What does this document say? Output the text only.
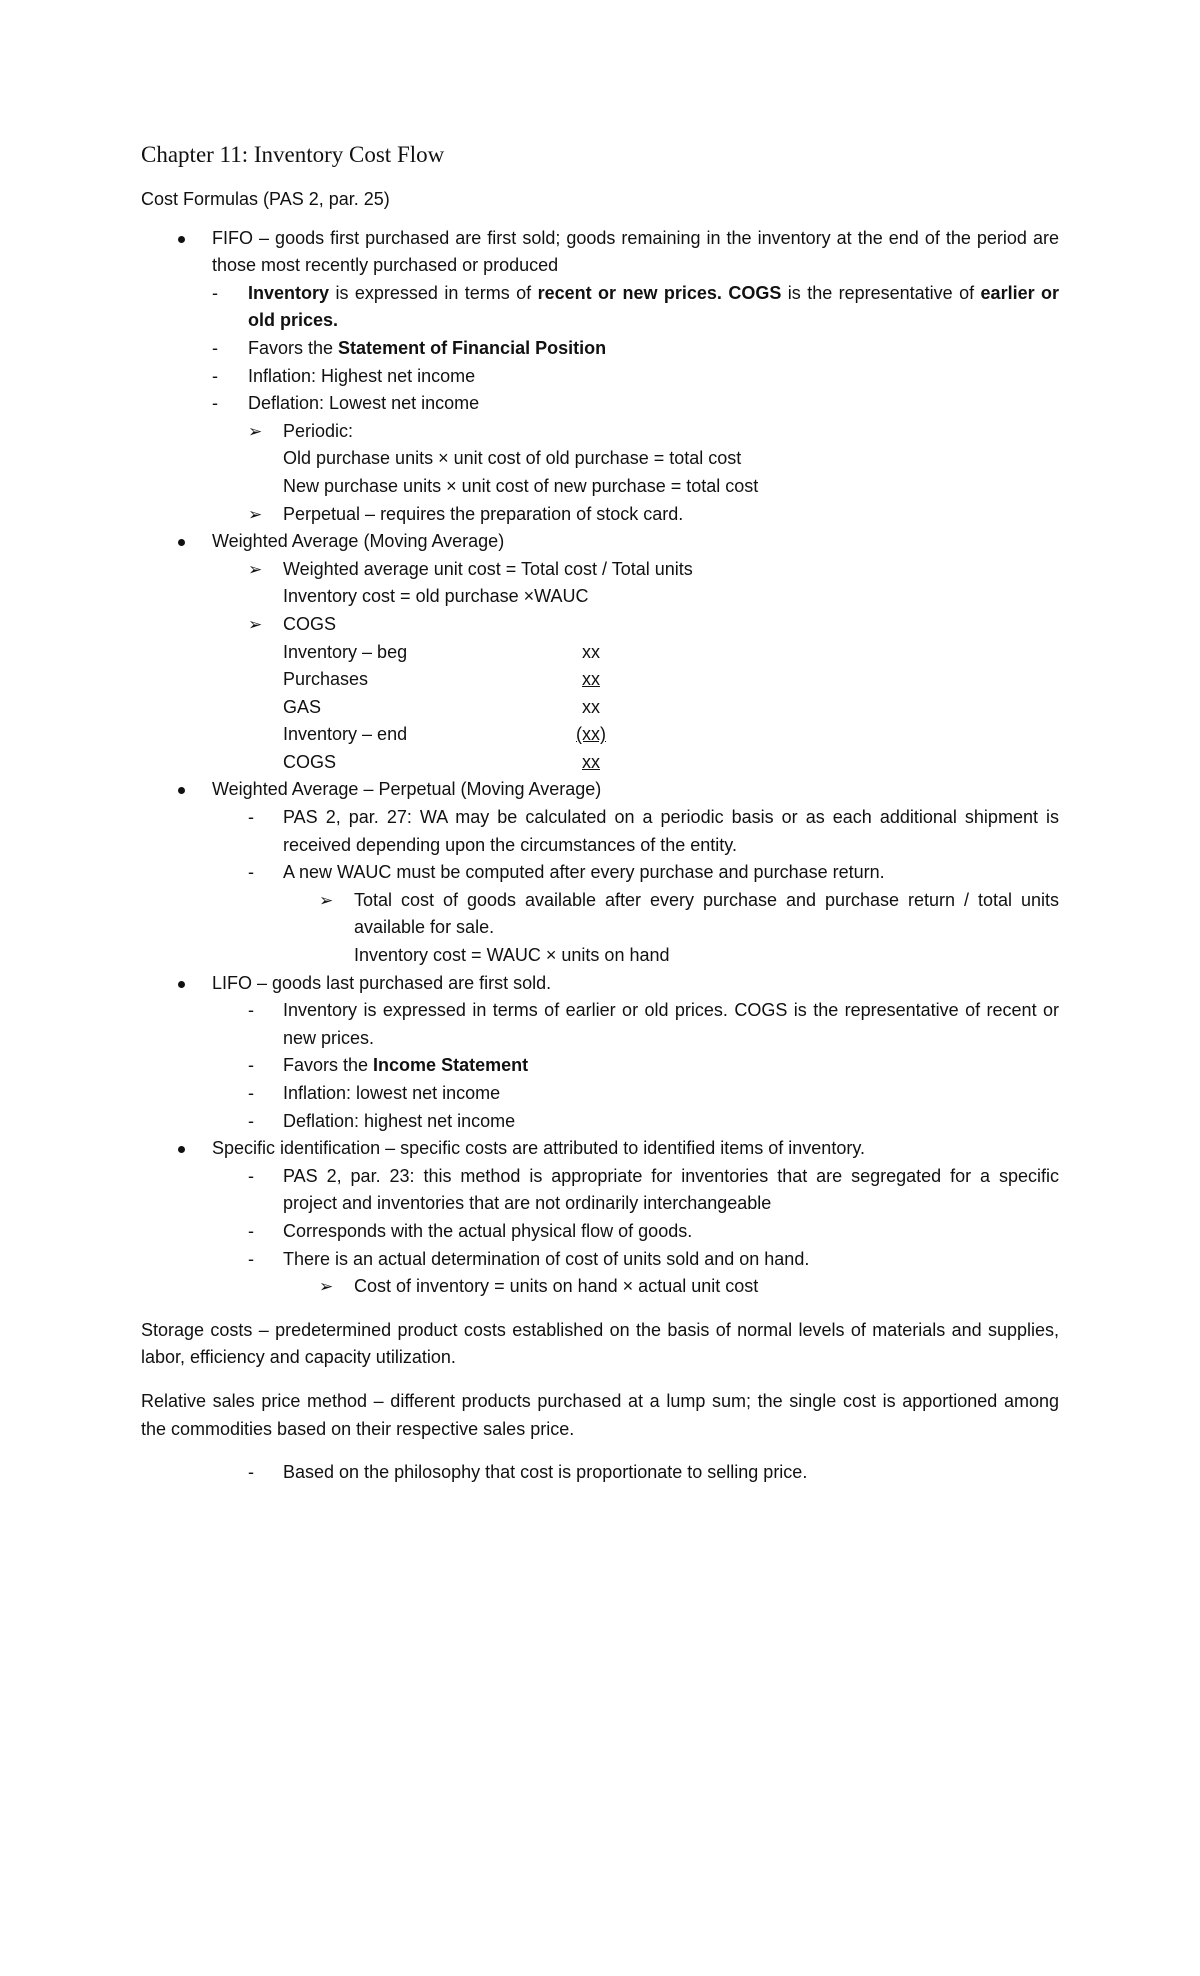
Chapter 11: Inventory Cost Flow

Cost Formulas (PAS 2, par. 25)

FIFO – goods first purchased are first sold; goods remaining in the inventory at the end of the period are those most recently purchased or produced
- Inventory is expressed in terms of recent or new prices. COGS is the representative of earlier or old prices.
- Favors the Statement of Financial Position
- Inflation: Highest net income
- Deflation: Lowest net income
➢ Periodic:
Old purchase units × unit cost of old purchase = total cost
New purchase units × unit cost of new purchase = total cost
➢ Perpetual – requires the preparation of stock card.
Weighted Average (Moving Average)
➢ Weighted average unit cost = Total cost / Total units
Inventory cost = old purchase ×WAUC
➢ COGS
Inventory – beg	xx
Purchases	xx
GAS	xx
Inventory – end	(xx)
COGS	xx
Weighted Average – Perpetual (Moving Average)
- PAS 2, par. 27: WA may be calculated on a periodic basis or as each additional shipment is received depending upon the circumstances of the entity.
- A new WAUC must be computed after every purchase and purchase return.
➢ Total cost of goods available after every purchase and purchase return / total units available for sale.
Inventory cost = WAUC × units on hand
LIFO – goods last purchased are first sold.
- Inventory is expressed in terms of earlier or old prices. COGS is the representative of recent or new prices.
- Favors the Income Statement
- Inflation: lowest net income
- Deflation: highest net income
Specific identification – specific costs are attributed to identified items of inventory.
- PAS 2, par. 23: this method is appropriate for inventories that are segregated for a specific project and inventories that are not ordinarily interchangeable
- Corresponds with the actual physical flow of goods.
- There is an actual determination of cost of units sold and on hand.
➢ Cost of inventory = units on hand × actual unit cost

Storage costs – predetermined product costs established on the basis of normal levels of materials and supplies, labor, efficiency and capacity utilization.

Relative sales price method – different products purchased at a lump sum; the single cost is apportioned among the commodities based on their respective sales price.

- Based on the philosophy that cost is proportionate to selling price.
